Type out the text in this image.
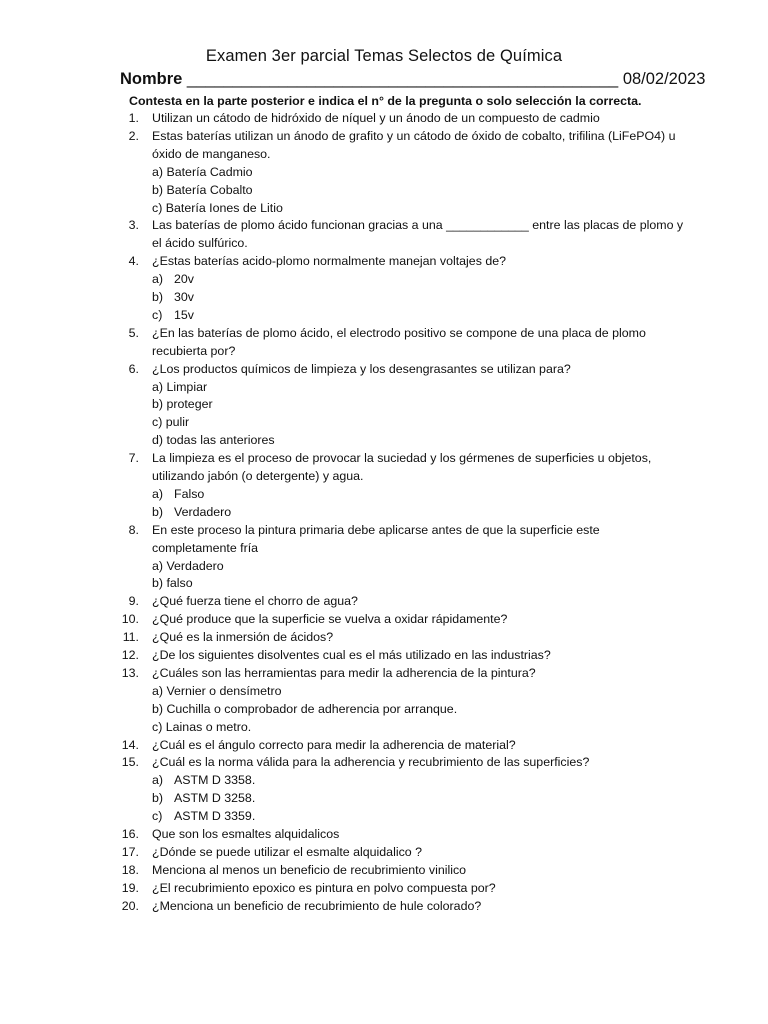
Examen 3er parcial Temas Selectos de Química
Nombre _______________________________________________ 08/02/2023
Contesta en la parte posterior e indica el n° de la pregunta o solo selección la correcta.
1. Utilizan un cátodo de hidróxido de níquel y un ánodo de un compuesto de cadmio
2. Estas baterías utilizan un ánodo de grafito y un cátodo de óxido de cobalto, trifilina (LiFePO4) u
óxido de manganeso.
a) Batería Cadmio
b) Batería Cobalto
c) Batería Iones de Litio
3. Las baterías de plomo ácido funcionan gracias a una ____________ entre las placas de plomo y
el ácido sulfúrico.
4. ¿Estas baterías acido-plomo normalmente manejan voltajes de?
a) 20v
b) 30v
c) 15v
5. ¿En las baterías de plomo ácido, el electrodo positivo se compone de una placa de plomo
recubierta por?
6. ¿Los productos químicos de limpieza y los desengrasantes se utilizan para?
a) Limpiar
b) proteger
c) pulir
d) todas las anteriores
7. La limpieza es el proceso de provocar la suciedad y los gérmenes de superficies u objetos,
utilizando jabón (o detergente) y agua.
a) Falso
b) Verdadero
8. En este proceso la pintura primaria debe aplicarse antes de que la superficie este
completamente fría
a) Verdadero
b) falso
9. ¿Qué fuerza tiene el chorro de agua?
10. ¿Qué produce que la superficie se vuelva a oxidar rápidamente?
11. ¿Qué es la inmersión de ácidos?
12. ¿De los siguientes disolventes cual es el más utilizado en las industrias?
13. ¿Cuáles son las herramientas para medir la adherencia de la pintura?
a) Vernier o densímetro
b) Cuchilla o comprobador de adherencia por arranque.
c) Lainas o metro.
14. ¿Cuál es el ángulo correcto para medir la adherencia de material?
15. ¿Cuál es la norma válida para la adherencia y recubrimiento de las superficies?
a) ASTM D 3358.
b) ASTM D 3258.
c) ASTM D 3359.
16. Que son los esmaltes alquidalicos
17. ¿Dónde se puede utilizar el esmalte alquidalico ?
18. Menciona al menos un beneficio de recubrimiento vinilico
19. ¿El recubrimiento epoxico es pintura en polvo compuesta por?
20. ¿Menciona un beneficio de recubrimiento de hule colorado?
